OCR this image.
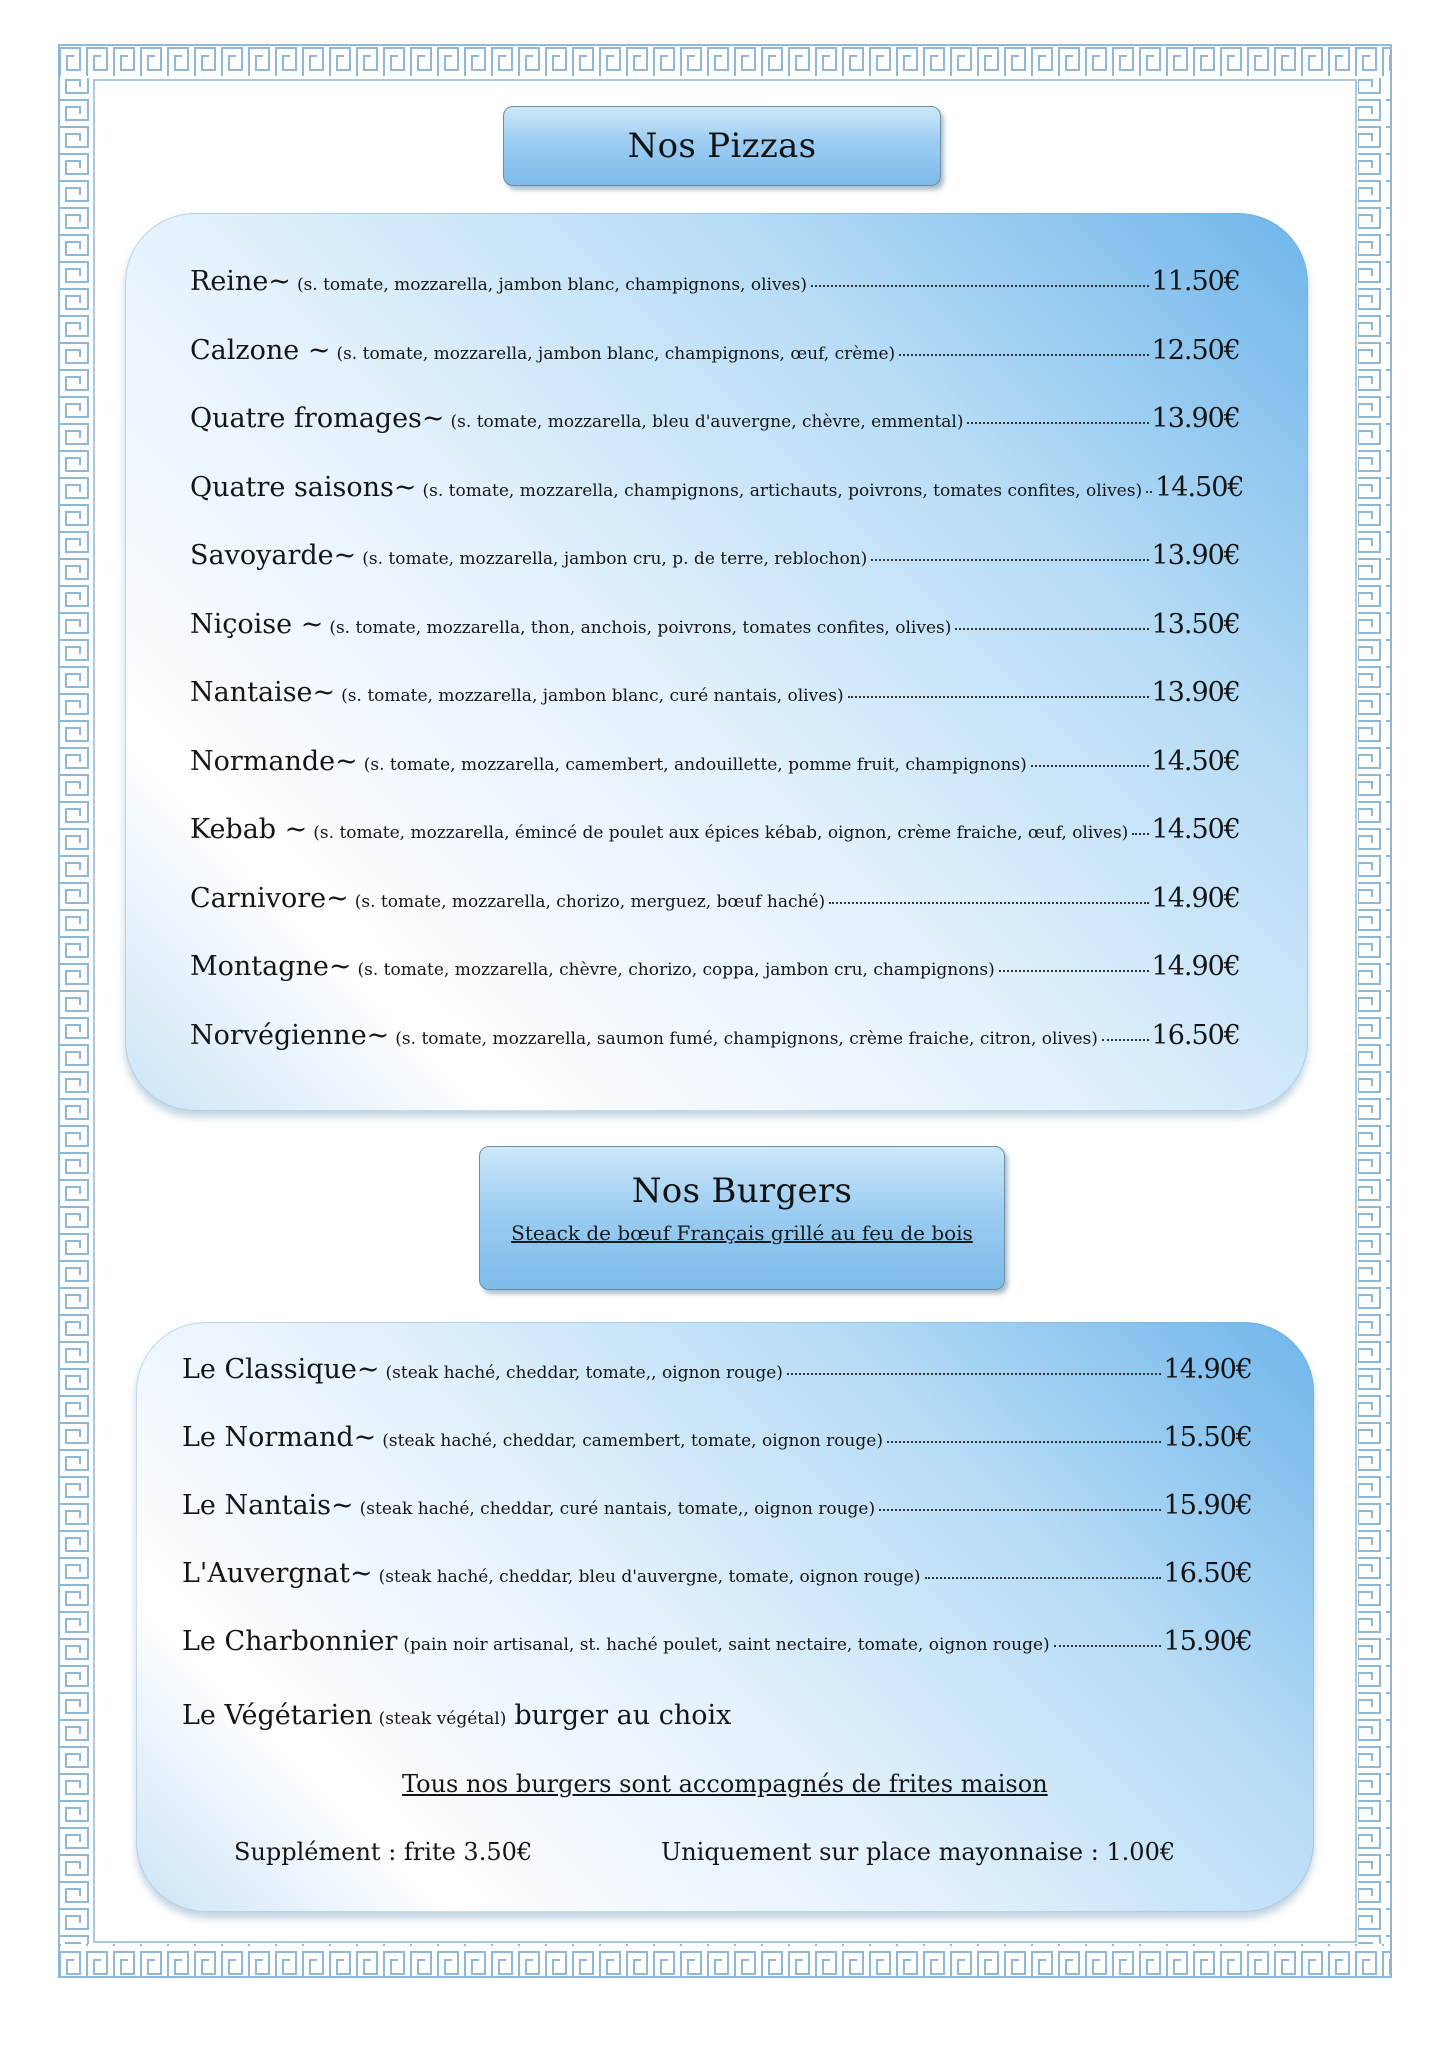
Nos Pizzas
Reine~ (s. tomate, mozzarella, jambon blanc, champignons, olives)	11.50€
Calzone ~ (s. tomate, mozzarella, jambon blanc, champignons, œuf, crème)	12.50€
Quatre fromages~ (s. tomate, mozzarella, bleu d'auvergne, chèvre, emmental)	13.90€
Quatre saisons~ (s. tomate, mozzarella, champignons, artichauts, poivrons, tomates confites, olives) 14.50€
Savoyarde~ (s. tomate, mozzarella, jambon cru, p. de terre, reblochon)	13.90€
Niçoise ~ (s. tomate, mozzarella, thon, anchois, poivrons, tomates confites, olives)	13.50€
Nantaise~ (s. tomate, mozzarella, jambon blanc, curé nantais, olives)	13.90€
Normande~ (s. tomate, mozzarella, camembert, andouillette, pomme fruit, champignons)	14.50€
Kebab ~ (s. tomate, mozzarella, émincé de poulet aux épices kébab, oignon, crème fraiche, œuf, olives) 14.50€
Carnivore~ (s. tomate, mozzarella, chorizo, merguez, bœuf haché)	14.90€
Montagne~ (s. tomate, mozzarella, chèvre, chorizo, coppa, jambon cru, champignons)	14.90€
Norvégienne~ (s. tomate, mozzarella, saumon fumé, champignons, crème fraiche, citron, olives) 16.50€
Nos Burgers
Steack de bœuf Français grillé au feu de bois
Le Classique~ (steak haché, cheddar, tomate,, oignon rouge)	14.90€
Le Normand~ (steak haché, cheddar, camembert, tomate, oignon rouge)	15.50€
Le Nantais~ (steak haché, cheddar, curé nantais, tomate,, oignon rouge)	15.90€
L'Auvergnat~ (steak haché, cheddar, bleu d'auvergne, tomate, oignon rouge)	16.50€
Le Charbonnier (pain noir artisanal, st. haché poulet, saint nectaire, tomate, oignon rouge)	15.90€
Le Végétarien (steak végétal) burger au choix
Tous nos burgers sont accompagnés de frites maison
Supplément : frite 3.50€	Uniquement sur place mayonnaise : 1.00€
